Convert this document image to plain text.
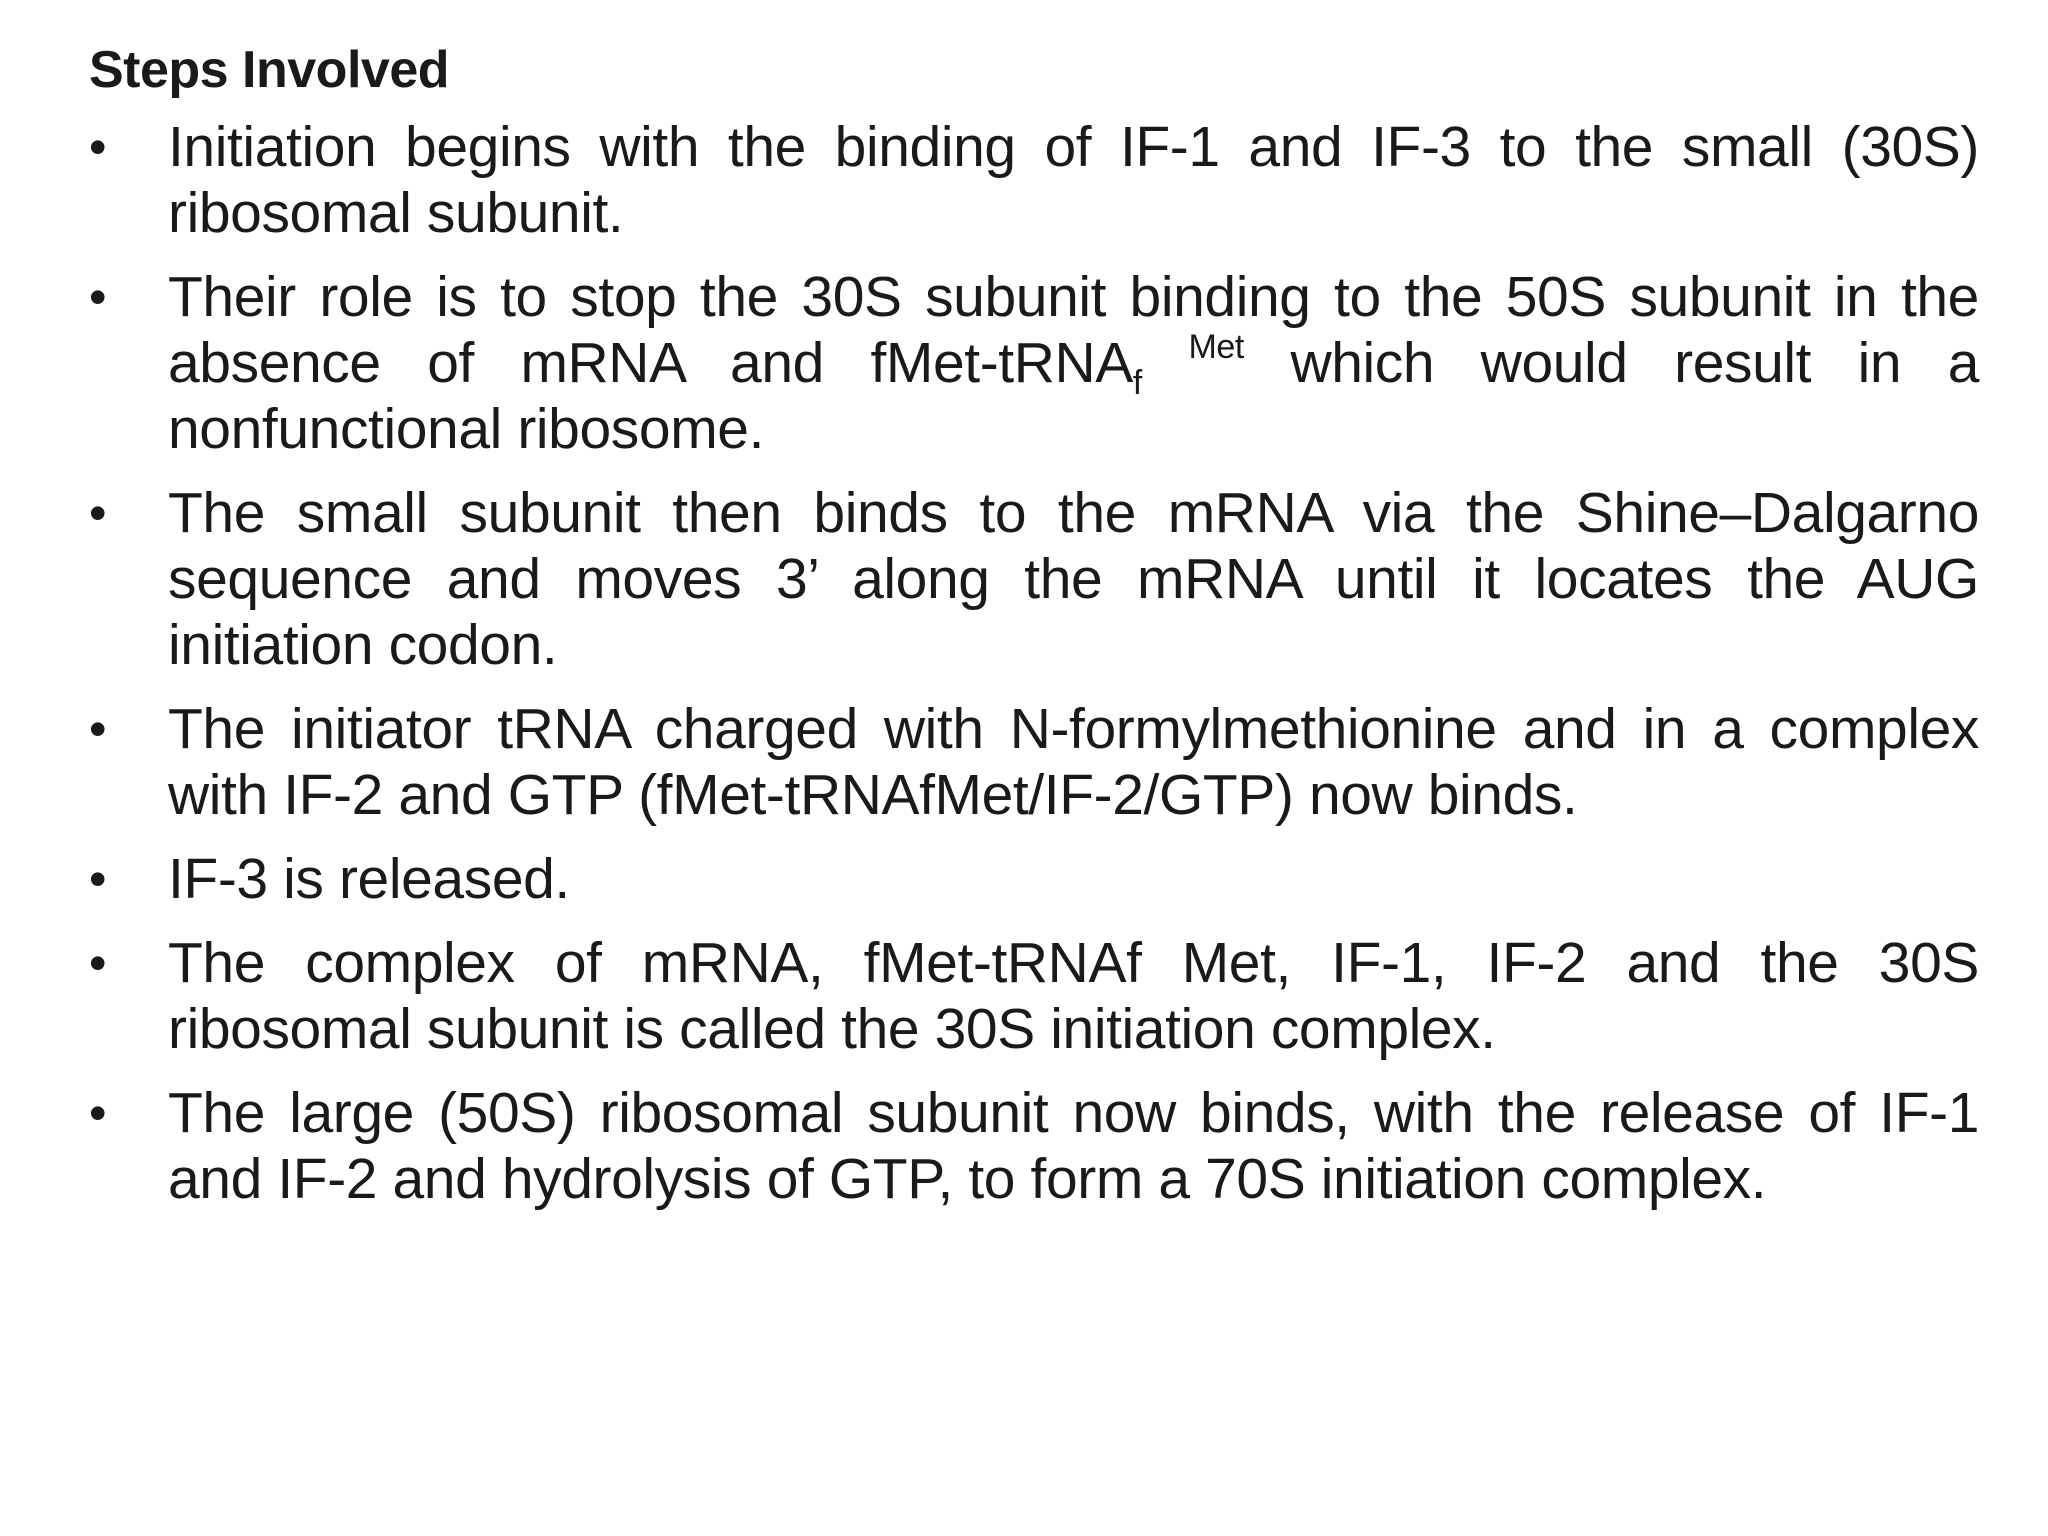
Steps Involved
•	Initiation begins with the binding of IF-1 and IF-3 to the small (30S) ribosomal subunit.
•	Their role is to stop the 30S subunit binding to the 50S subunit in the absence of mRNA and fMet-tRNA$_f$ $^{Met}$ which would result in a nonfunctional ribosome.
•	The small subunit then binds to the mRNA via the Shine–Dalgarno sequence and moves 3’ along the mRNA until it locates the AUG initiation codon.
•	The initiator tRNA charged with N-formylmethionine and in a complex with IF-2 and GTP (fMet-tRNAfMet/IF-2/GTP) now binds.
•	IF-3 is released.
•	The complex of mRNA, fMet-tRNAf Met, IF-1, IF-2 and the 30S ribosomal subunit is called the 30S initiation complex.
•	The large (50S) ribosomal subunit now binds, with the release of IF-1 and IF-2 and hydrolysis of GTP, to form a 70S initiation complex.
